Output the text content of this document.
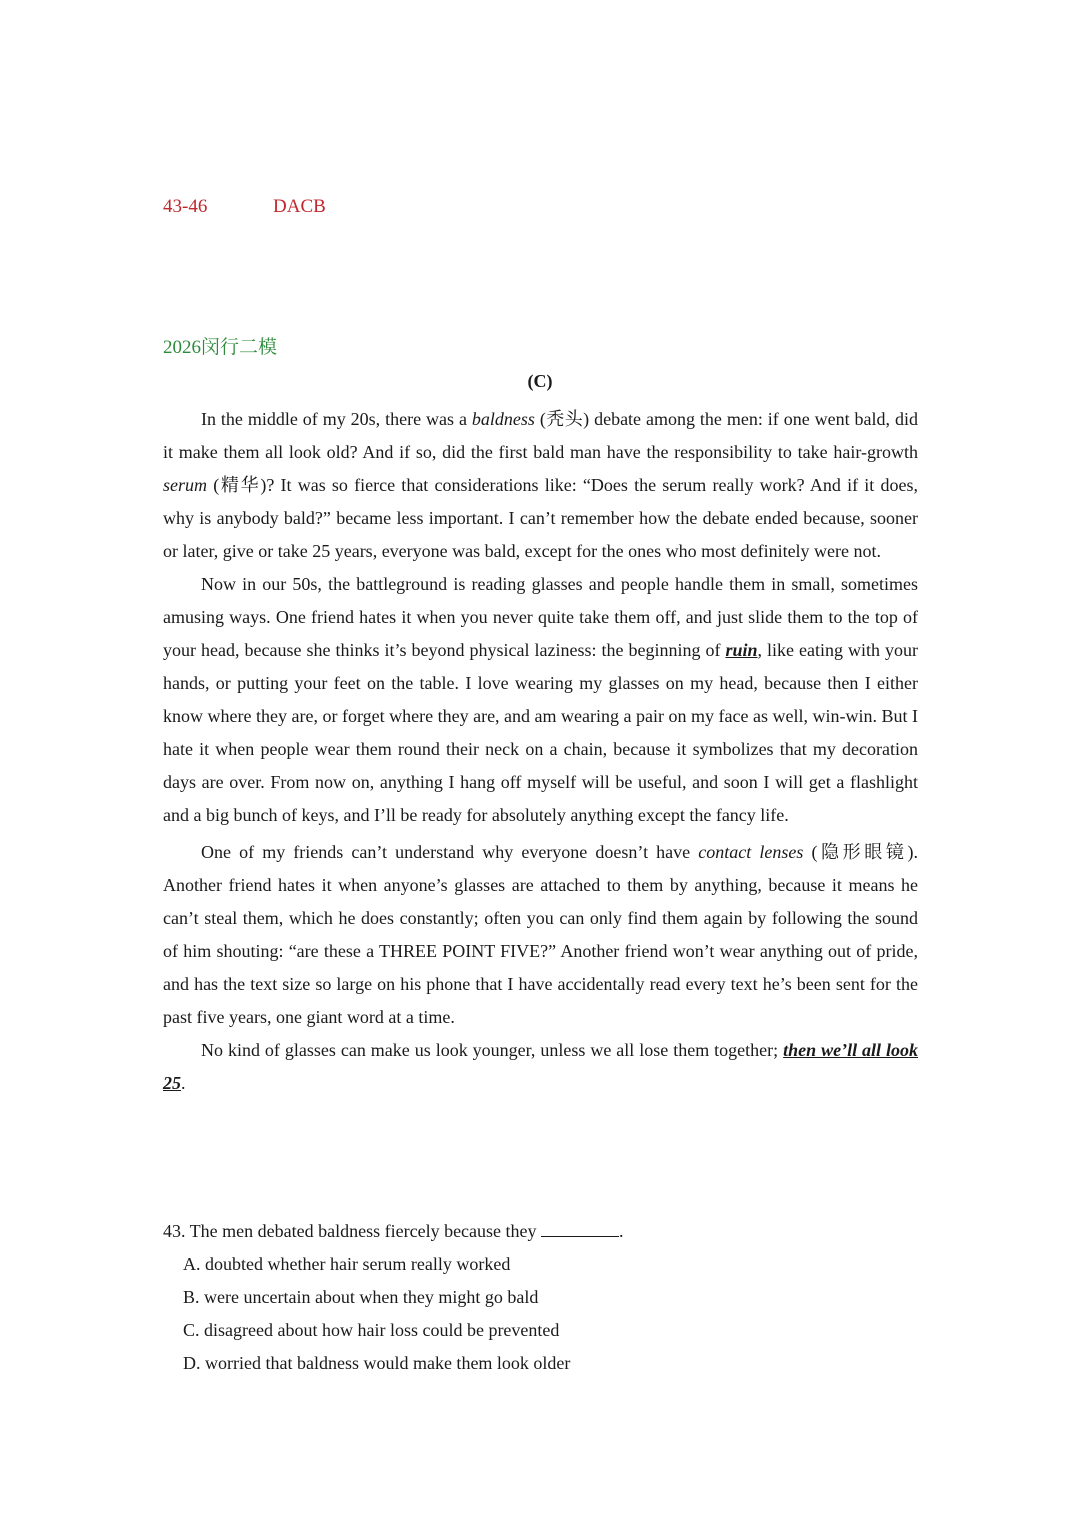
43-46	DACB
2026闵行二模
(C)

In the middle of my 20s, there was a baldness (秃头) debate among the men: if one went bald, did it make them all look old? And if so, did the first bald man have the responsibility to take hair-growth serum (精华)? It was so fierce that considerations like: “Does the serum really work? And if it does, why is anybody bald?” became less important. I can’t remember how the debate ended because, sooner or later, give or take 25 years, everyone was bald, except for the ones who most definitely were not.

Now in our 50s, the battleground is reading glasses and people handle them in small, sometimes amusing ways. One friend hates it when you never quite take them off, and just slide them to the top of your head, because she thinks it’s beyond physical laziness: the beginning of ruin, like eating with your hands, or putting your feet on the table. I love wearing my glasses on my head, because then I either know where they are, or forget where they are, and am wearing a pair on my face as well, win-win. But I hate it when people wear them round their neck on a chain, because it symbolizes that my decoration days are over. From now on, anything I hang off myself will be useful, and soon I will get a flashlight and a big bunch of keys, and I’ll be ready for absolutely anything except the fancy life.

One of my friends can’t understand why everyone doesn’t have contact lenses (隐形眼镜). Another friend hates it when anyone’s glasses are attached to them by anything, because it means he can’t steal them, which he does constantly; often you can only find them again by following the sound of him shouting: “are these a THREE POINT FIVE?” Another friend won’t wear anything out of pride, and has the text size so large on his phone that I have accidentally read every text he’s been sent for the past five years, one giant word at a time.

No kind of glasses can make us look younger, unless we all lose them together; then we’ll all look 25.

43. The men debated baldness fiercely because they	.

A. doubted whether hair serum really worked

B. were uncertain about when they might go bald

C. disagreed about how hair loss could be prevented

D. worried that baldness would make them look older
